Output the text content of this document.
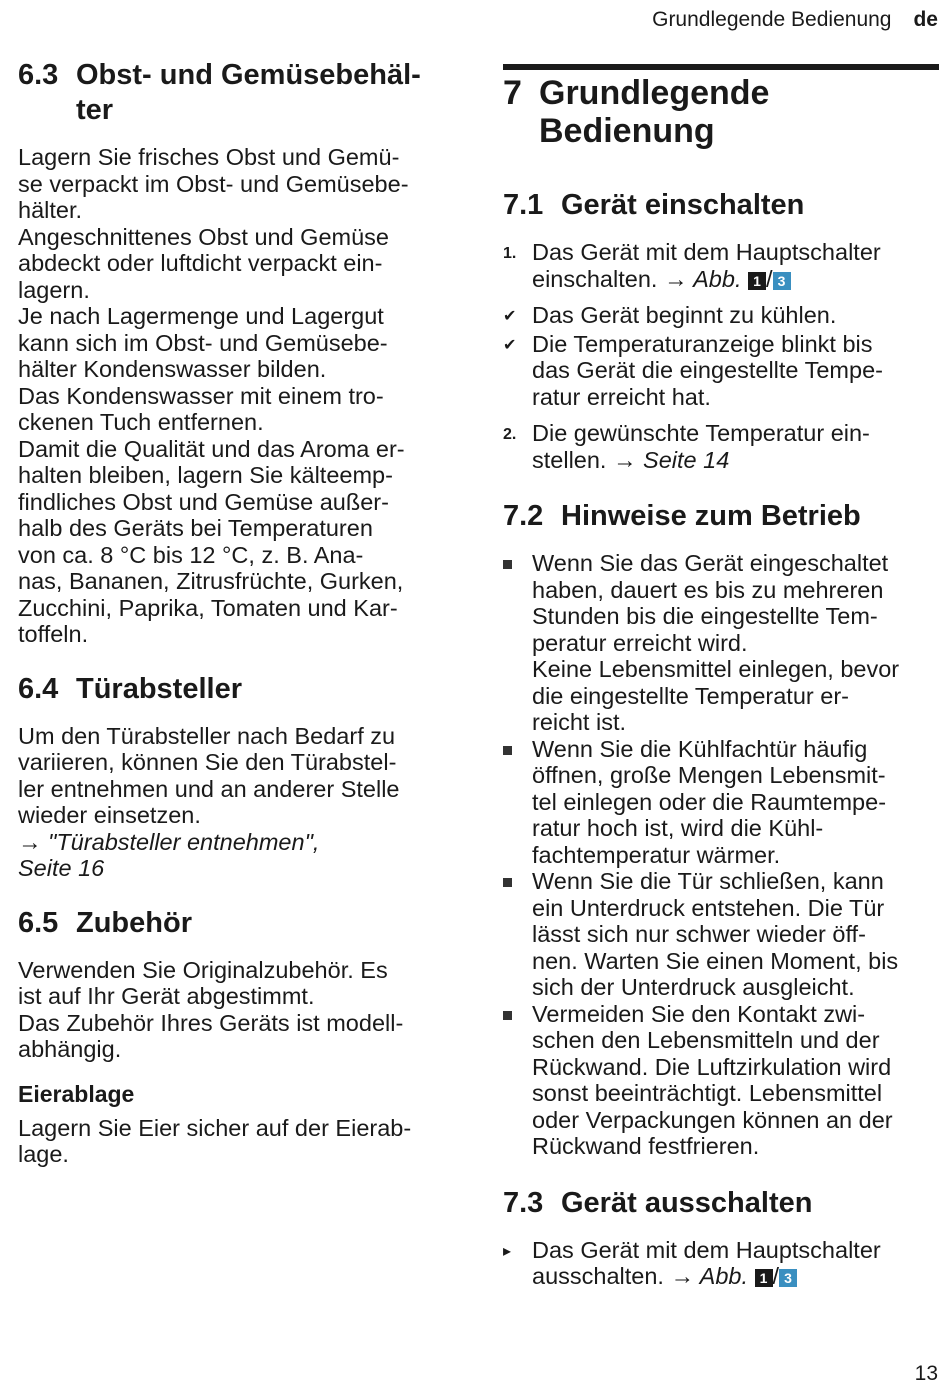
Grundlegende Bedienung de
6.3 Obst- und Gemüsebehäl-
ter

Lagern Sie frisches Obst und Gemü-
se verpackt im Obst- und Gemüsebe-
hälter.
Angeschnittenes Obst und Gemüse
abdeckt oder luftdicht verpackt ein-
lagern.
Je nach Lagermenge und Lagergut
kann sich im Obst- und Gemüsebe-
hälter Kondenswasser bilden.
Das Kondenswasser mit einem tro-
ckenen Tuch entfernen.
Damit die Qualität und das Aroma er-
halten bleiben, lagern Sie kälteemp-
findliches Obst und Gemüse außer-
halb des Geräts bei Temperaturen
von ca. 8 °C bis 12 °C, z. B. Ana-
nas, Bananen, Zitrusfrüchte, Gurken,
Zucchini, Paprika, Tomaten und Kar-
toffeln.

6.4 Türabsteller

Um den Türabsteller nach Bedarf zu
variieren, können Sie den Türabstel-
ler entnehmen und an anderer Stelle
wieder einsetzen.
→ "Türabsteller entnehmen",
Seite 16

6.5 Zubehör

Verwenden Sie Originalzubehör. Es
ist auf Ihr Gerät abgestimmt.
Das Zubehör Ihres Geräts ist modell-
abhängig.

Eierablage

Lagern Sie Eier sicher auf der Eierab-
lage.

7 Grundlegende
Bedienung
7.1 Gerät einschalten
1. Das Gerät mit dem Hauptschalter
einschalten. → Abb. 1 / 3
✔ Das Gerät beginnt zu kühlen.
✔ Die Temperaturanzeige blinkt bis
das Gerät die eingestellte Tempe-
ratur erreicht hat.
2. Die gewünschte Temperatur ein-
stellen. → Seite 14
7.2 Hinweise zum Betrieb
Wenn Sie das Gerät eingeschaltet
haben, dauert es bis zu mehreren
Stunden bis die eingestellte Tem-
peratur erreicht wird.
Keine Lebensmittel einlegen, bevor
die eingestellte Temperatur er-
reicht ist.
Wenn Sie die Kühlfachtür häufig
öffnen, große Mengen Lebensmit-
tel einlegen oder die Raumtempe-
ratur hoch ist, wird die Kühl-
fachtemperatur wärmer.
Wenn Sie die Tür schließen, kann
ein Unterdruck entstehen. Die Tür
lässt sich nur schwer wieder öff-
nen. Warten Sie einen Moment, bis
sich der Unterdruck ausgleicht.
Vermeiden Sie den Kontakt zwi-
schen den Lebensmitteln und der
Rückwand. Die Luftzirkulation wird
sonst beeinträchtigt. Lebensmittel
oder Verpackungen können an der
Rückwand festfrieren.
7.3 Gerät ausschalten
▸ Das Gerät mit dem Hauptschalter
ausschalten. → Abb. 1 / 3
13
